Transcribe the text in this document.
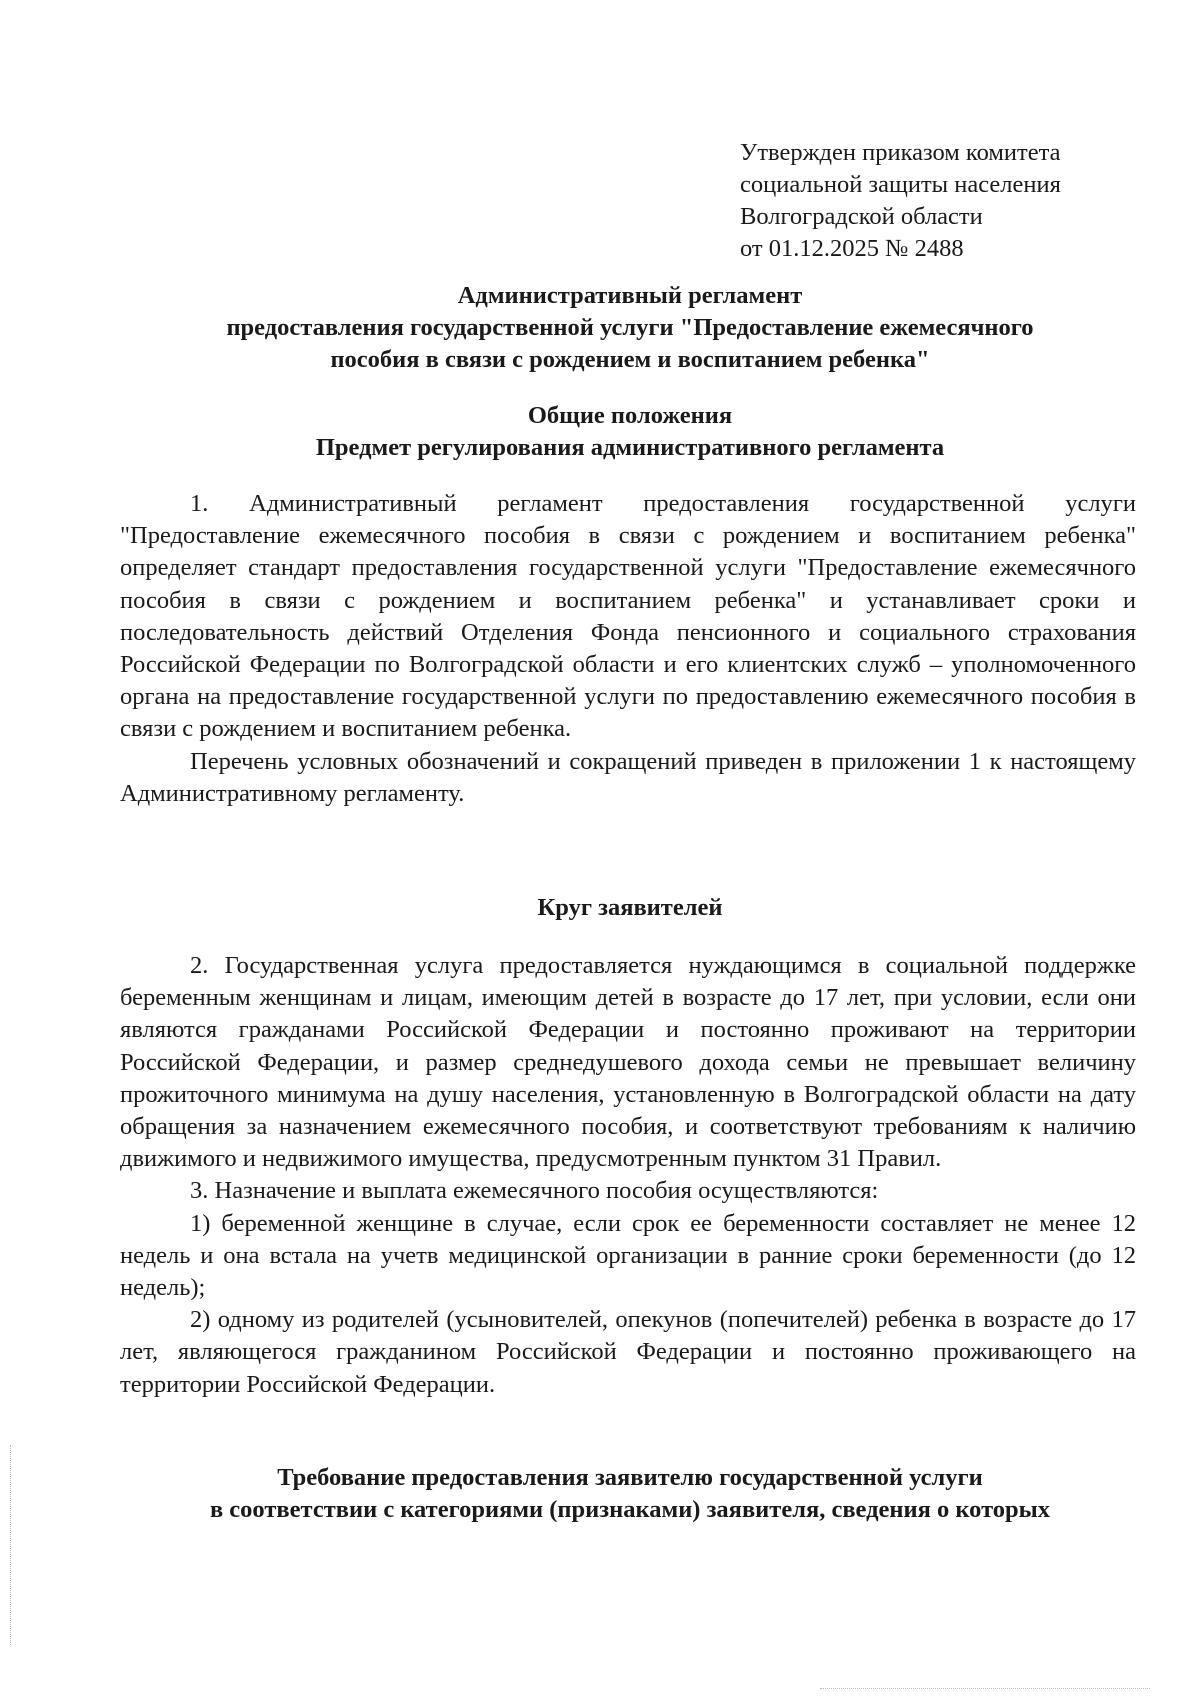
Утвержден приказом комитета
социальной защиты населения
Волгоградской области
от 01.12.2025 № 2488
Административный регламент
предоставления государственной услуги "Предоставление ежемесячного
пособия в связи с рождением и воспитанием ребенка"
Общие положения
Предмет регулирования административного регламента

1. Административный регламент предоставления государственной услуги "Предоставление ежемесячного пособия в связи с рождением и воспитанием ребенка" определяет стандарт предоставления государственной услуги "Предоставление ежемесячного пособия в связи с рождением и воспитанием ребенка" и устанавливает сроки и последовательность действий Отделения Фонда пенсионного и социального страхования Российской Федерации по Волгоградской области и его клиентских служб – уполномоченного органа на предоставление государственной услуги по предоставлению ежемесячного пособия в связи с рождением и воспитанием ребенка.

Перечень условных обозначений и сокращений приведен в приложении 1 к настоящему Административному регламенту.

Круг заявителей

2. Государственная услуга предоставляется нуждающимся в социальной поддержке беременным женщинам и лицам, имеющим детей в возрасте до 17 лет, при условии, если они являются гражданами Российской Федерации и постоянно проживают на территории Российской Федерации, и размер среднедушевого дохода семьи не превышает величину прожиточного минимума на душу населения, установленную в Волгоградской области на дату обращения за назначением ежемесячного пособия, и соответствуют требованиям к наличию движимого и недвижимого имущества, предусмотренным пунктом 31 Правил.

3. Назначение и выплата ежемесячного пособия осуществляются:

1) беременной женщине в случае, если срок ее беременности составляет не менее 12 недель и она встала на учетв медицинской организации в ранние сроки беременности (до 12 недель);

2) одному из родителей (усыновителей, опекунов (попечителей) ребенка в возрасте до 17 лет, являющегося гражданином Российской Федерации и постоянно проживающего на территории Российской Федерации.

Требование предоставления заявителю государственной услуги
в соответствии с категориями (признаками) заявителя, сведения о которых
